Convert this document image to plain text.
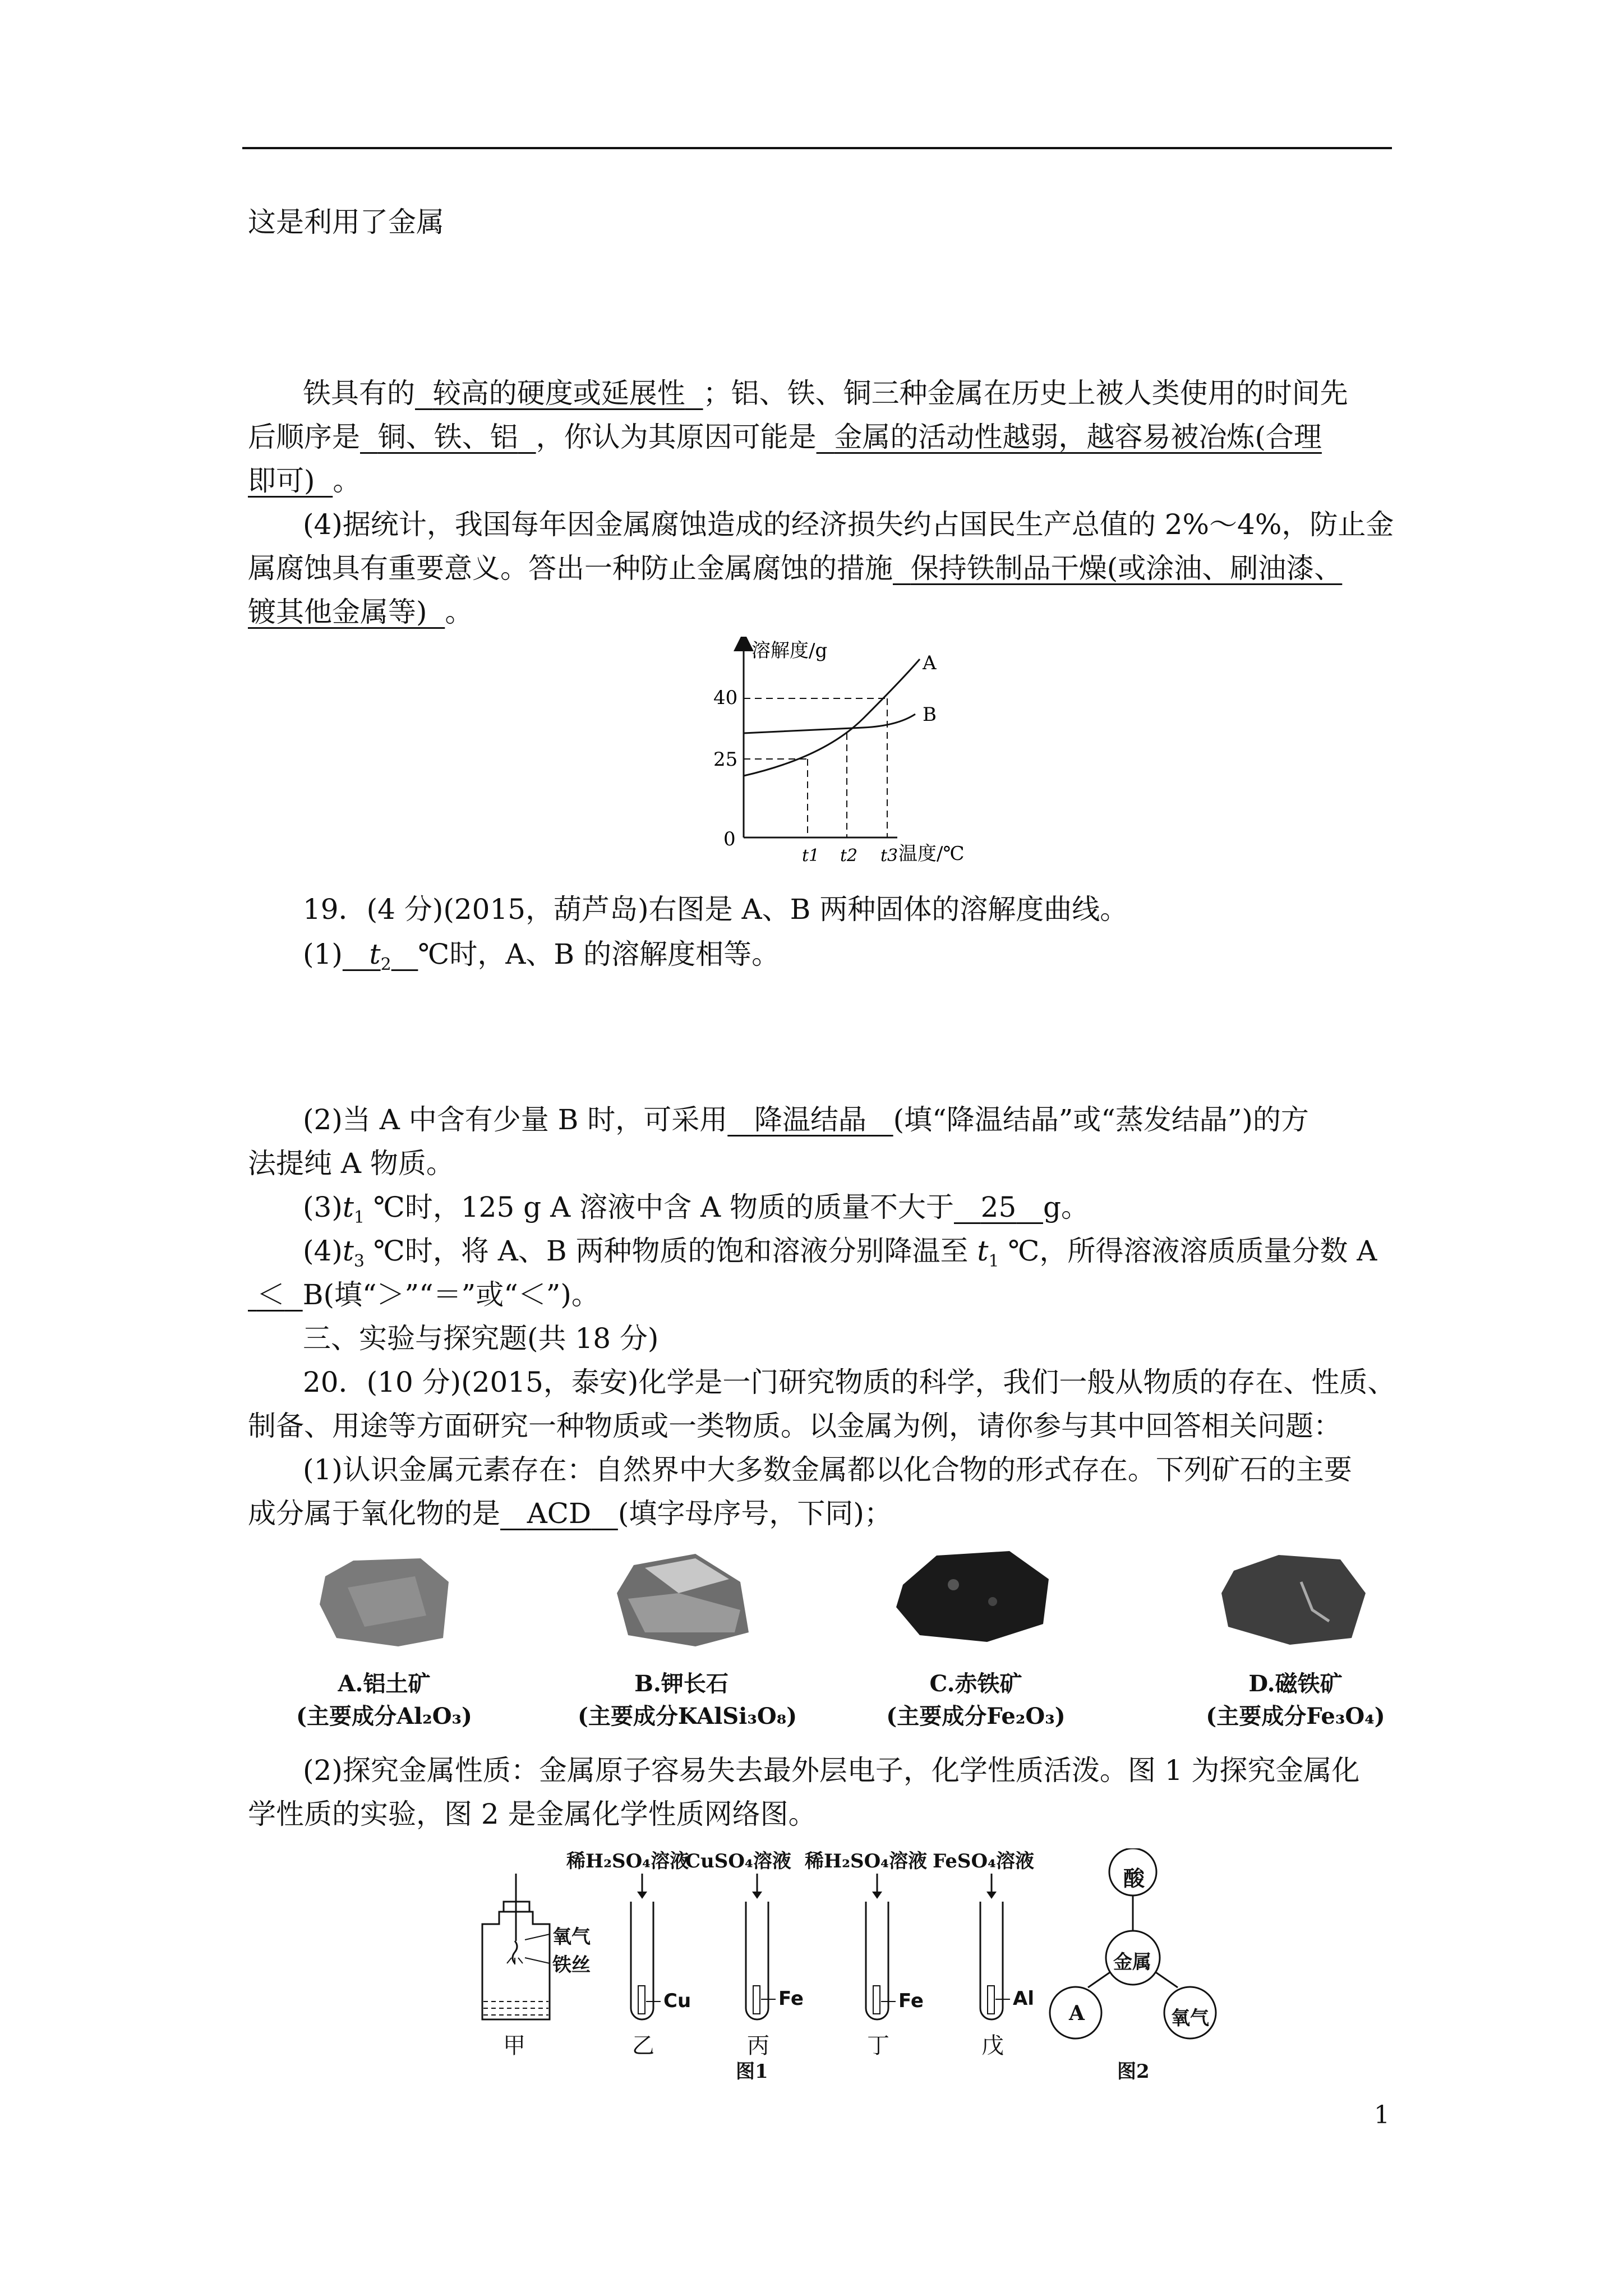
这是利用了金属
铁具有的 较高的硬度或延展性 ；铝、铁、铜三种金属在历史上被人类使用的时间先
后顺序是 铜、铁、铝 ，你认为其原因可能是 金属的活动性越弱，越容易被冶炼(合理
即可) 。
(4)据统计，我国每年因金属腐蚀造成的经济损失约占国民生产总值的 2%～4%，防止金
属腐蚀具有重要意义。答出一种防止金属腐蚀的措施 保持铁制品干燥(或涂油、刷油漆、
镀其他金属等) 。
溶解度/g
温度/℃
40
25
0
A
B
t1 t2 t3
19．(4 分)(2015，葫芦岛)右图是 A、B 两种固体的溶解度曲线。
(1) $t_2$ ℃时，A、B 的溶解度相等。
(2)当 A 中含有少量 B 时，可采用 降温结晶 (填“降温结晶”或“蒸发结晶”)的方
法提纯 A 物质。
$(3)t_1$ ℃时，125 g A 溶液中含 A 物质的质量不大于 25 g。
$(4)t_3$ ℃时，将 A、B 两种物质的饱和溶液分别降温至 $t_1$ ℃，所得溶液溶质质量分数 A
＜ B(填“＞”“＝”或“＜”)。
三、实验与探究题(共 18 分)
20．(10 分)(2015，泰安)化学是一门研究物质的科学，我们一般从物质的存在、性质、
制备、用途等方面研究一种物质或一类物质。以金属为例，请你参与其中回答相关问题：
(1)认识金属元素存在：自然界中大多数金属都以化合物的形式存在。下列矿石的主要
成分属于氧化物的是 ACD (填字母序号，下同)；
A.铝土矿
(主要成分Al₂O₃)
B.钾长石
(主要成分KAlSi₃O₈)
C.赤铁矿
(主要成分Fe₂O₃)
D.磁铁矿
(主要成分Fe₃O₄)
(2)探究金属性质：金属原子容易失去最外层电子，化学性质活泼。图 1 为探究金属化
学性质的实验，图 2 是金属化学性质网络图。
稀H₂SO₄溶液
CuSO₄溶液 稀H₂SO₄溶液 FeSO₄溶液
氧气
铁丝
Cu	Fe	Fe	Al
甲	乙	丙	丁	戊
图1
酸
金属
A	氧气
图2
1
